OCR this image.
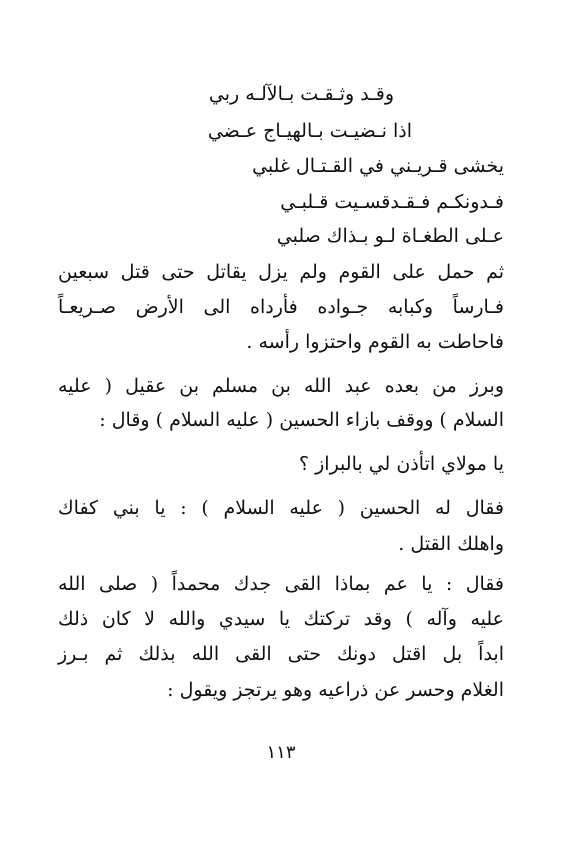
وقـد وثـقـت بـالآلـه ربي
اذا نـضيـت بـالهيـاج عـضي
يخشى قـريـني في القـتـال غلبي
فـدونكـم فـقـدقسـيت قـلبـي
عـلى الطغـاة لـو بـذاك صلبي
ثم حمل على القوم ولم يزل يقاتل حتى قتل سبعين
فـارساً وكبابه جـواده فأرداه الى الأرض صـريعـاً
فاحاطت به القوم واحتزوا رأسه .
وبرز من بعده عبد الله بن مسلم بن عقيل ( عليه
السلام ) ووقف بازاء الحسين ( عليه السلام ) وقال :
يا مولاي اتأذن لي بالبراز ؟
فقال له الحسين ( عليه السلام ) : يا بني كفاك
واهلك القتل .
فقال : يا عم بماذا القى جدك محمداً ( صلى الله
عليه وآله ) وقد تركتك يا سيدي والله لا كان ذلك
ابداً بل اقتل دونك حتى القى الله بذلك ثم بـرز
الغلام وحسر عن ذراعيه وهو يرتجز ويقول :
١١٣
